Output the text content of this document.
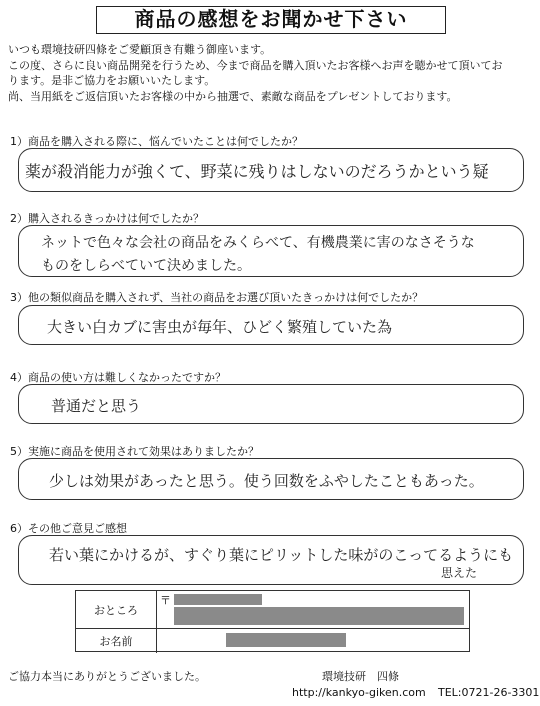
商品の感想をお聞かせ下さい
いつも環境技研四條をご愛顧頂き有難う御座います。
この度、さらに良い商品開発を行うため、今まで商品を購入頂いたお客様へお声を聴かせて頂いてお
ります。是非ご協力をお願いいたします。
尚、当用紙をご返信頂いたお客様の中から抽選で、素敵な商品をプレゼントしております。
1）商品を購入される際に、悩んでいたことは何でしたか？
薬が殺消能力が強くて、野菜に残りはしないのだろうかという疑
2）購入されるきっかけは何でしたか？
ネットで色々な会社の商品をみくらべて、有機農業に害のなさそうな
ものをしらべていて決めました。
3）他の類似商品を購入されず、当社の商品をお選び頂いたきっかけは何でしたか？
大きい白カブに害虫が毎年、ひどく繁殖していた為
4）商品の使い方は難しくなかったですか？
普通だと思う
5）実施に商品を使用されて効果はありましたか？
少しは効果があったと思う。使う回数をふやしたこともあった。
6）その他ご意見ご感想
若い葉にかけるが、すぐり葉にピリットした味がのこってるようにも
思えた
おところ
〒
お名前
ご協力本当にありがとうございました。	環境技研　四條
http://kankyo-giken.com TEL:0721-26-3301
